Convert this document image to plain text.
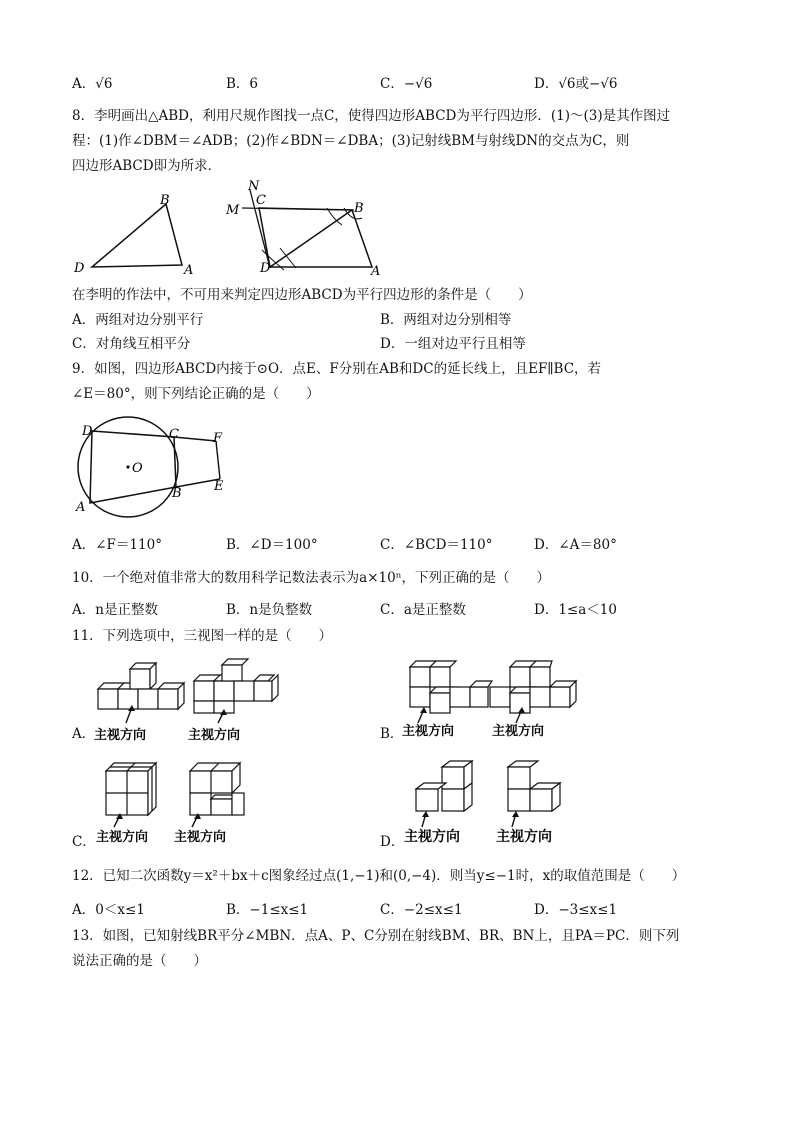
A．√6	B．6	C．−√6	D．√6或−√6
8．李明画出△ABD，利用尺规作图找一点C，使得四边形ABCD为平行四边形．(1)～(3)是其作图过
程：(1)作∠DBM＝∠ADB；(2)作∠BDN＝∠DBA；(3)记射线BM与射线DN的交点为C，则
四边形ABCD即为所求．
B
D	A
N
M
C
B
D	A
在李明的作法中，不可用来判定四边形ABCD为平行四边形的条件是（　　）
A．两组对边分别平行	B．两组对边分别相等
C．对角线互相平分	D．一组对边平行且相等
9．如图，四边形ABCD内接于⊙O．点E、F分别在AB和DC的延长线上，且EF∥BC，若
∠E＝80°，则下列结论正确的是（　　）
D	C	F
O
B E
A
A．∠F＝110°	B．∠D＝100°	C．∠BCD＝110°	D．∠A＝80°
10．一个绝对值非常大的数用科学记数法表示为a×10ⁿ，下列正确的是（　　）
A．n是正整数	B．n是负整数	C．a是正整数	D．1≤a＜10
11．下列选项中，三视图一样的是（　　）
主视方向	主视方向
A．	主视方向	主视方向
B．
主视方向 主视方向
C．	主视方向	主视方向
D．
12．已知二次函数y＝x²＋bx＋c图象经过点(1,−1)和(0,−4)．则当y≤−1时，x的取值范围是（　　）
A．0＜x≤1	B．−1≤x≤1	C．−2≤x≤1	D．−3≤x≤1
13．如图，已知射线BR平分∠MBN．点A、P、C分别在射线BM、BR、BN上，且PA＝PC．则下列
说法正确的是（　　）
